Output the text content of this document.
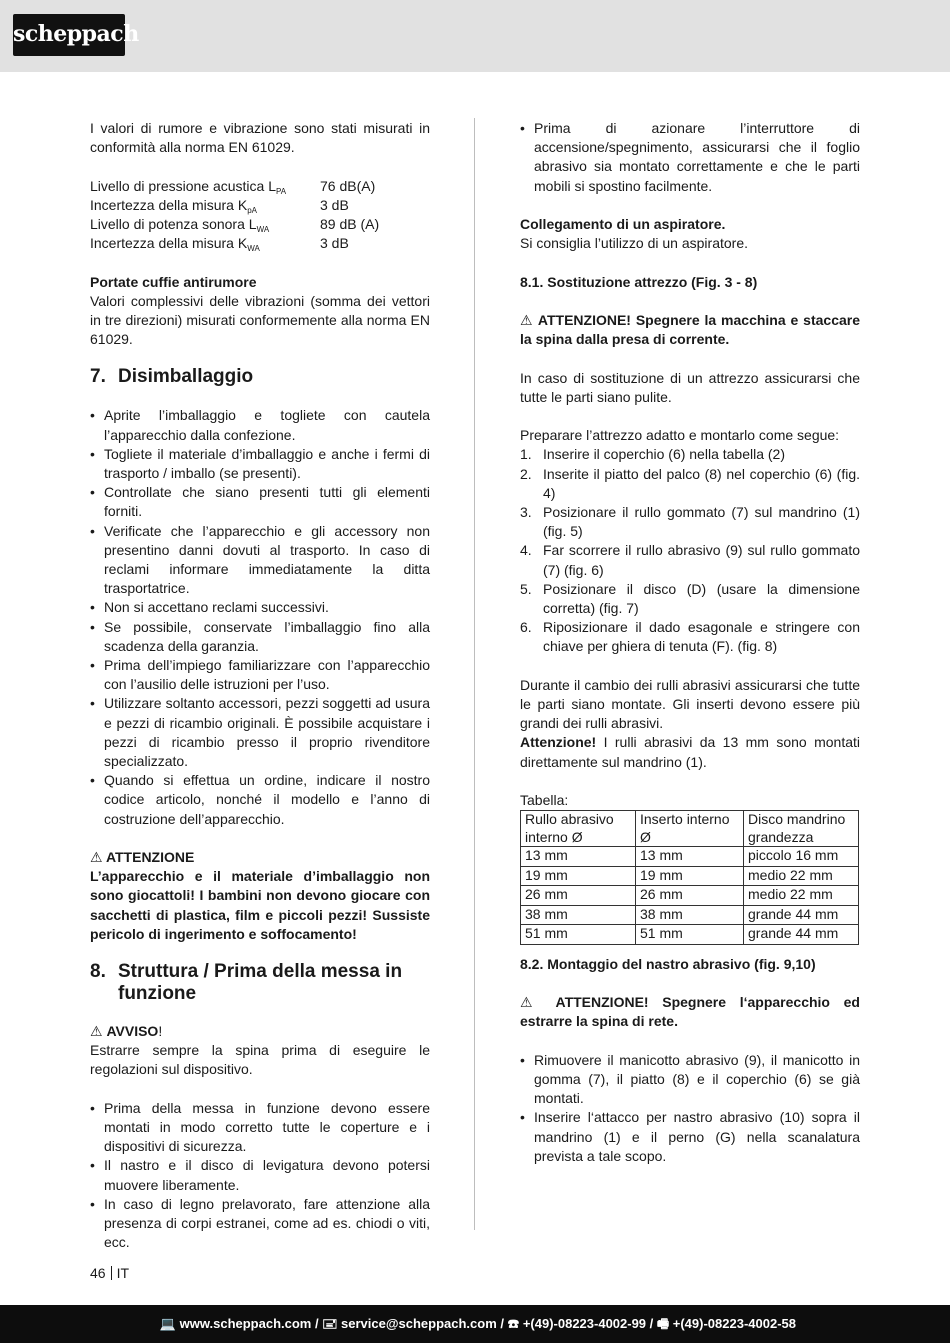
scheppach

I valori di rumore e vibrazione sono stati misurati in conformità alla norma EN 61029.

Livello di pressione acustica $L_{PA}$	76 dB(A)
Incertezza della misura $K_{pA}$	3 dB
Livello di potenza sonora $L_{WA}$	89 dB (A)
Incertezza della misura $K_{WA}$	3 dB
Portate cuffie antirumore

Valori complessivi delle vibrazioni (somma dei vettori in tre direzioni) misurati conformemente alla norma EN 61029.

7. Disimballaggio
• Aprite l’imballaggio e togliete con cautela l’apparecchio dalla confezione.
• Togliete il materiale d’imballaggio e anche i fermi di trasporto / imballo (se presenti).
• Controllate che siano presenti tutti gli elementi forniti.
• Verificate che l’apparecchio e gli accessory non presentino danni dovuti al trasporto. In caso di reclami informare immediatamente la ditta trasportatrice.
• Non si accettano reclami successivi.
• Se possibile, conservate l’imballaggio fino alla scadenza della garanzia.
• Prima dell’impiego familiarizzare con l’apparecchio con l’ausilio delle istruzioni per l’uso.
• Utilizzare soltanto accessori, pezzi soggetti ad usura e pezzi di ricambio originali. È possibile acquistare i pezzi di ricambio presso il proprio rivenditore specializzato.
• Quando si effettua un ordine, indicare il nostro codice articolo, nonché il modello e l’anno di costruzione dell’apparecchio.
⚠ ATTENZIONE

L’apparecchio e il materiale d’imballaggio non sono giocattoli! I bambini non devono giocare con sacchetti di plastica, film e piccoli pezzi! Sussiste pericolo di ingerimento e soffocamento!

8. Struttura / Prima della messa in funzione
⚠ AVVISO!

Estrarre sempre la spina prima di eseguire le regolazioni sul dispositivo.

• Prima della messa in funzione devono essere montati in modo corretto tutte le coperture e i dispositivi di sicurezza.
• Il nastro e il disco di levigatura devono potersi muovere liberamente.
• In caso di legno prelavorato, fare attenzione alla presenza di corpi estranei, come ad es. chiodi o viti, ecc.
• Prima di azionare l’interruttore di accensione/spegnimento, assicurarsi che il foglio abrasivo sia montato correttamente e che le parti mobili si spostino facilmente.
Collegamento di un aspiratore.

Si consiglia l’utilizzo di un aspiratore.

8.1. Sostituzione attrezzo (Fig. 3 - 8)

⚠ ATTENZIONE! Spegnere la macchina e staccare la spina dalla presa di corrente.

In caso di sostituzione di un attrezzo assicurarsi che tutte le parti siano pulite.

Preparare l’attrezzo adatto e montarlo come segue:

1. Inserire il coperchio (6) nella tabella (2)
2. Inserite il piatto del palco (8) nel coperchio (6) (fig. 4)
3. Posizionare il rullo gommato (7) sul mandrino (1) (fig. 5)
4. Far scorrere il rullo abrasivo (9) sul rullo gommato (7) (fig. 6)
5. Posizionare il disco (D) (usare la dimensione corretta) (fig. 7)
6. Riposizionare il dado esagonale e stringere con chiave per ghiera di tenuta (F). (fig. 8)

Durante il cambio dei rulli abrasivi assicurarsi che tutte le parti siano montate. Gli inserti devono essere più grandi dei rulli abrasivi.

Attenzione! I rulli abrasivi da 13 mm sono montati direttamente sul mandrino (1).

Tabella:
Rullo abrasivo interno Ø	Inserto interno Ø	Disco mandrino grandezza
13 mm	13 mm	piccolo 16 mm
19 mm	19 mm	medio 22 mm
26 mm	26 mm	medio 22 mm
38 mm	38 mm	grande 44 mm
51 mm	51 mm	grande 44 mm
8.2. Montaggio del nastro abrasivo (fig. 9,10)

⚠ ATTENZIONE! Spegnere l‘apparecchio ed estrarre la spina di rete.

• Rimuovere il manicotto abrasivo (9), il manicotto in gomma (7), il piatto (8) e il coperchio (6) se già montati.
• Inserire l‘attacco per nastro abrasivo (10) sopra il mandrino (1) e il perno (G) nella scanalatura prevista a tale scopo.
46 IT
💻 www.scheppach.com / 🖃 service@scheppach.com / ☎ +(49)-08223-4002-99 / 🖷 +(49)-08223-4002-58
